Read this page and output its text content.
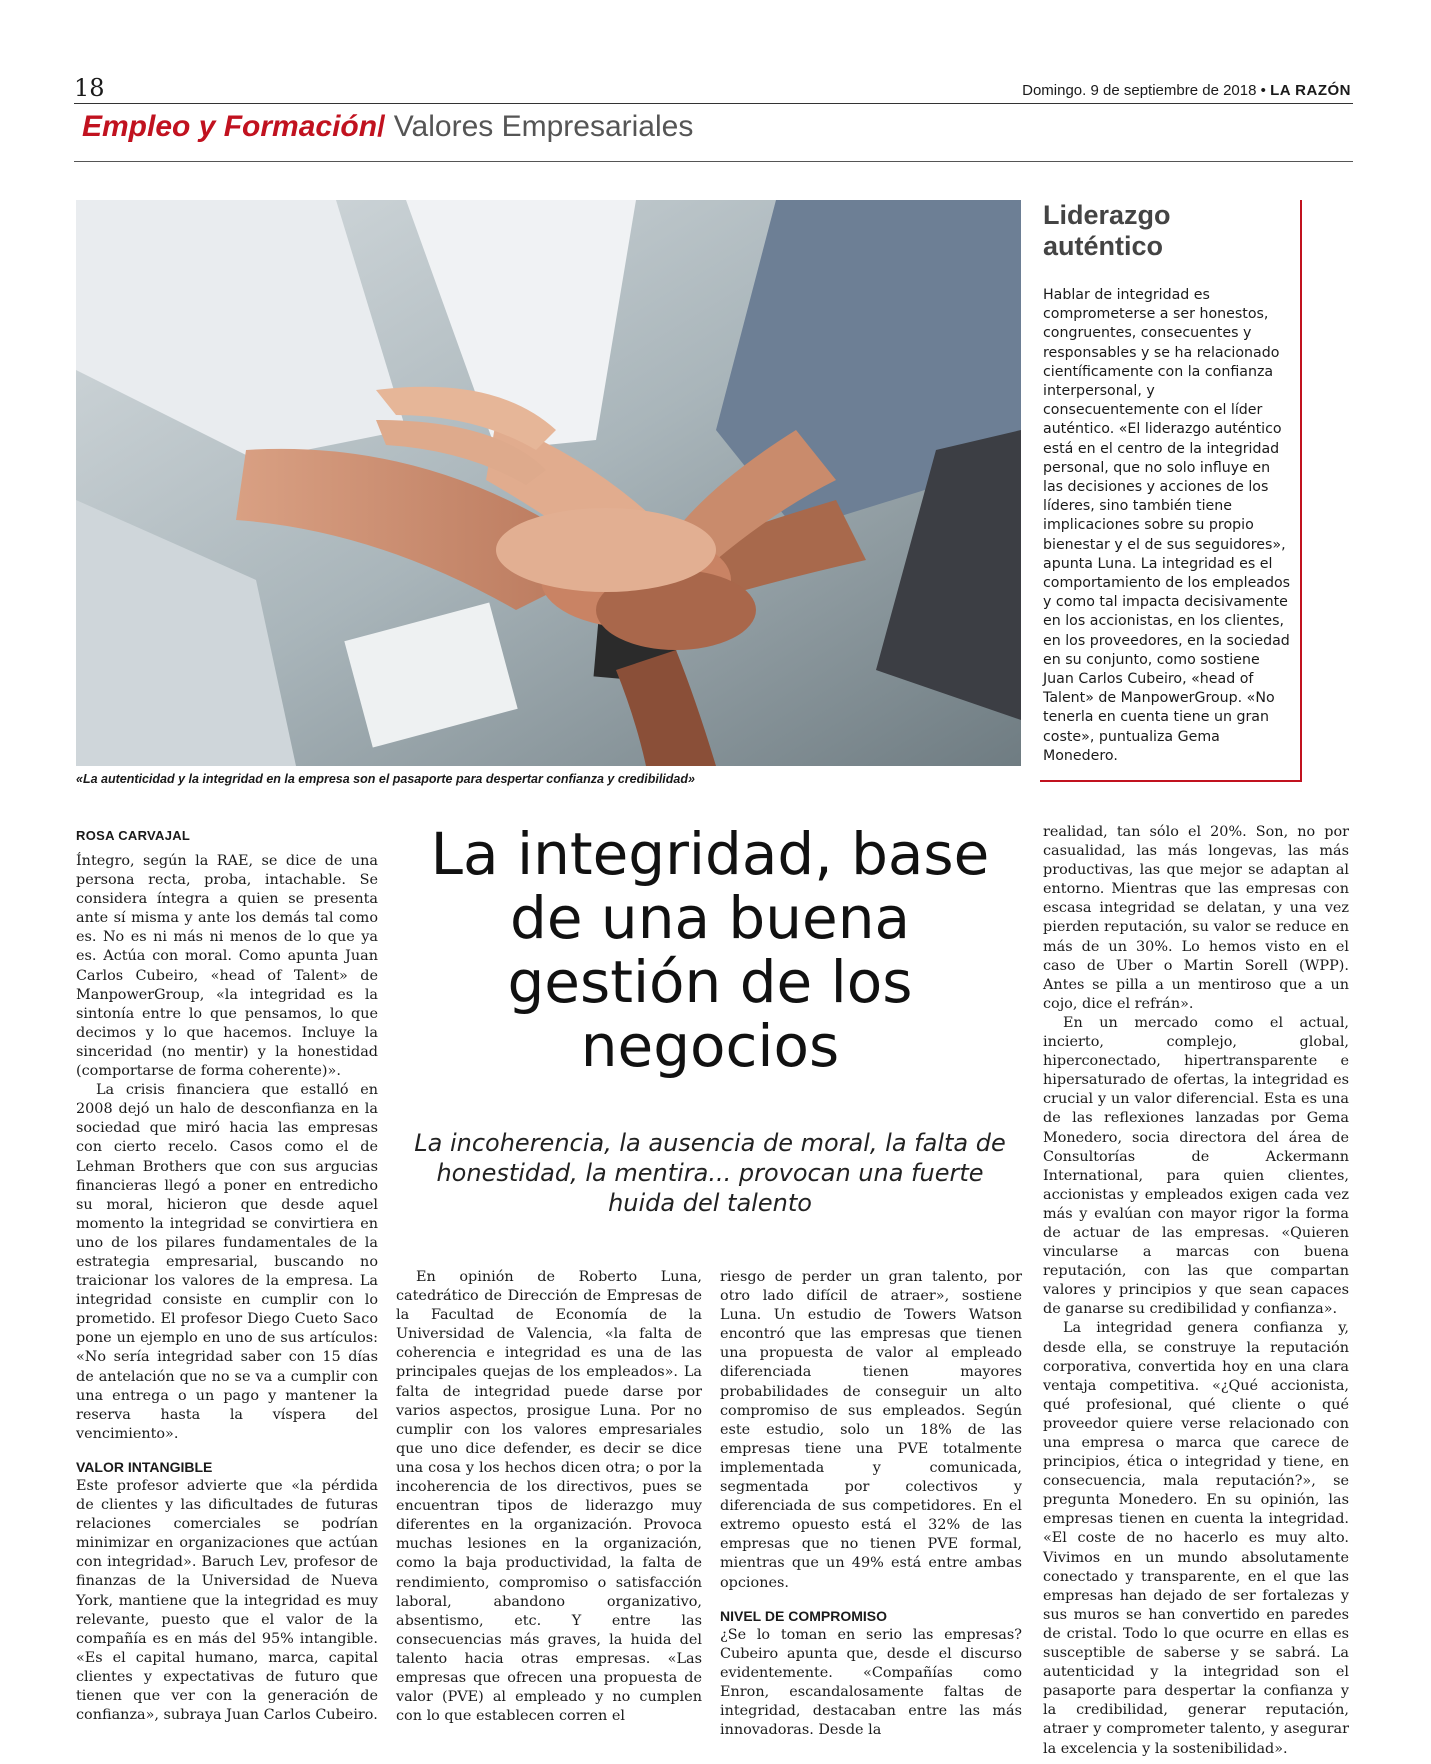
18	Domingo. 9 de septiembre de 2018 • LA RAZÓN
Empleo y Formación/ Valores Empresariales
«La autenticidad y la integridad en la empresa son el pasaporte para despertar confianza y credibilidad»
Liderazgo auténtico
Hablar de integridad es comprometerse a ser honestos, congruentes, consecuentes y responsables y se ha relacionado científicamente con la confianza interpersonal, y consecuentemente con el líder auténtico. «El liderazgo auténtico está en el centro de la integridad personal, que no solo influye en las decisiones y acciones de los líderes, sino también tiene implicaciones sobre su propio bienestar y el de sus seguidores», apunta Luna. La integridad es el comportamiento de los empleados y como tal impacta decisivamente en los accionistas, en los clientes, en los proveedores, en la sociedad en su conjunto, como sostiene Juan Carlos Cubeiro, «head of Talent» de ManpowerGroup. «No tenerla en cuenta tiene un gran coste», puntualiza Gema Monedero.
ROSA CARVAJAL	La integridad, base de una buena gestión de los negocios
La incoherencia, la ausencia de moral, la falta de honestidad, la mentira... provocan una fuerte huida del talento

Íntegro, según la RAE, se dice de una persona recta, proba, intachable. Se considera íntegra a quien se presenta ante sí misma y ante los demás tal como es. No es ni más ni menos de lo que ya es. Actúa con moral. Como apunta Juan Carlos Cubeiro, «head of Talent» de ManpowerGroup, «la integridad es la sintonía entre lo que pensamos, lo que decimos y lo que hacemos. Incluye la sinceridad (no mentir) y la honestidad (comportarse de forma coherente)».

La crisis financiera que estalló en 2008 dejó un halo de desconfianza en la sociedad que miró hacia las empresas con cierto recelo. Casos como el de Lehman Brothers que con sus argucias financieras llegó a poner en entredicho su moral, hicieron que desde aquel momento la integridad se convirtiera en uno de los pilares fundamentales de la estrategia empresarial, buscando no traicionar los valores de la empresa. La integridad consiste en cumplir con lo prometido. El profesor Diego Cueto Saco pone un ejemplo en uno de sus artículos: «No sería integridad saber con 15 días de antelación que no se va a cumplir con una entrega o un pago y mantener la reserva hasta la víspera del vencimiento».

VALOR INTANGIBLE

Este profesor advierte que «la pérdida de clientes y las dificultades de futuras relaciones comerciales se podrían minimizar en organizaciones que actúan con integridad». Baruch Lev, profesor de finanzas de la Universidad de Nueva York, mantiene que la integridad es muy relevante, puesto que el valor de la compañía es en más del 95% intangible. «Es el capital humano, marca, capital clientes y expectativas de futuro que tienen que ver con la generación de confianza», subraya Juan Carlos Cubeiro.

En opinión de Roberto Luna, catedrático de Dirección de Empresas de la Facultad de Economía de la Universidad de Valencia, «la falta de coherencia e integridad es una de las principales quejas de los empleados». La falta de integridad puede darse por varios aspectos, prosigue Luna. Por no cumplir con los valores empresariales que uno dice defender, es decir se dice una cosa y los hechos dicen otra; o por la incoherencia de los directivos, pues se encuentran tipos de liderazgo muy diferentes en la organización. Provoca muchas lesiones en la organización, como la baja productividad, la falta de rendimiento, compromiso o satisfacción laboral, abandono organizativo, absentismo, etc. Y entre las consecuencias más graves, la huida del talento hacia otras empresas. «Las empresas que ofrecen una propuesta de valor (PVE) al empleado y no cumplen con lo que establecen corren el

riesgo de perder un gran talento, por otro lado difícil de atraer», sostiene Luna. Un estudio de Towers Watson encontró que las empresas que tienen una propuesta de valor al empleado diferenciada tienen mayores probabilidades de conseguir un alto compromiso de sus empleados. Según este estudio, solo un 18% de las empresas tiene una PVE totalmente implementada y comunicada, segmentada por colectivos y diferenciada de sus competidores. En el extremo opuesto está el 32% de las empresas que no tienen PVE formal, mientras que un 49% está entre ambas opciones.

NIVEL DE COMPROMISO

¿Se lo toman en serio las empresas? Cubeiro apunta que, desde el discurso evidentemente. «Compañías como Enron, escandalosamente faltas de integridad, destacaban entre las más innovadoras. Desde la

realidad, tan sólo el 20%. Son, no por casualidad, las más longevas, las más productivas, las que mejor se adaptan al entorno. Mientras que las empresas con escasa integridad se delatan, y una vez pierden reputación, su valor se reduce en más de un 30%. Lo hemos visto en el caso de Uber o Martin Sorell (WPP). Antes se pilla a un mentiroso que a un cojo, dice el refrán».

En un mercado como el actual, incierto, complejo, global, hiperconectado, hipertransparente e hipersaturado de ofertas, la integridad es crucial y un valor diferencial. Esta es una de las reflexiones lanzadas por Gema Monedero, socia directora del área de Consultorías de Ackermann International, para quien clientes, accionistas y empleados exigen cada vez más y evalúan con mayor rigor la forma de actuar de las empresas. «Quieren vincularse a marcas con buena reputación, con las que compartan valores y principios y que sean capaces de ganarse su credibilidad y confianza».

La integridad genera confianza y, desde ella, se construye la reputación corporativa, convertida hoy en una clara ventaja competitiva. «¿Qué accionista, qué profesional, qué cliente o qué proveedor quiere verse relacionado con una empresa o marca que carece de principios, ética o integridad y tiene, en consecuencia, mala reputación?», se pregunta Monedero. En su opinión, las empresas tienen en cuenta la integridad. «El coste de no hacerlo es muy alto. Vivimos en un mundo absolutamente conectado y transparente, en el que las empresas han dejado de ser fortalezas y sus muros se han convertido en paredes de cristal. Todo lo que ocurre en ellas es susceptible de saberse y se sabrá. La autenticidad y la integridad son el pasaporte para despertar la confianza y la credibilidad, generar reputación, atraer y comprometer talento, y asegurar la excelencia y la sostenibilidad».
